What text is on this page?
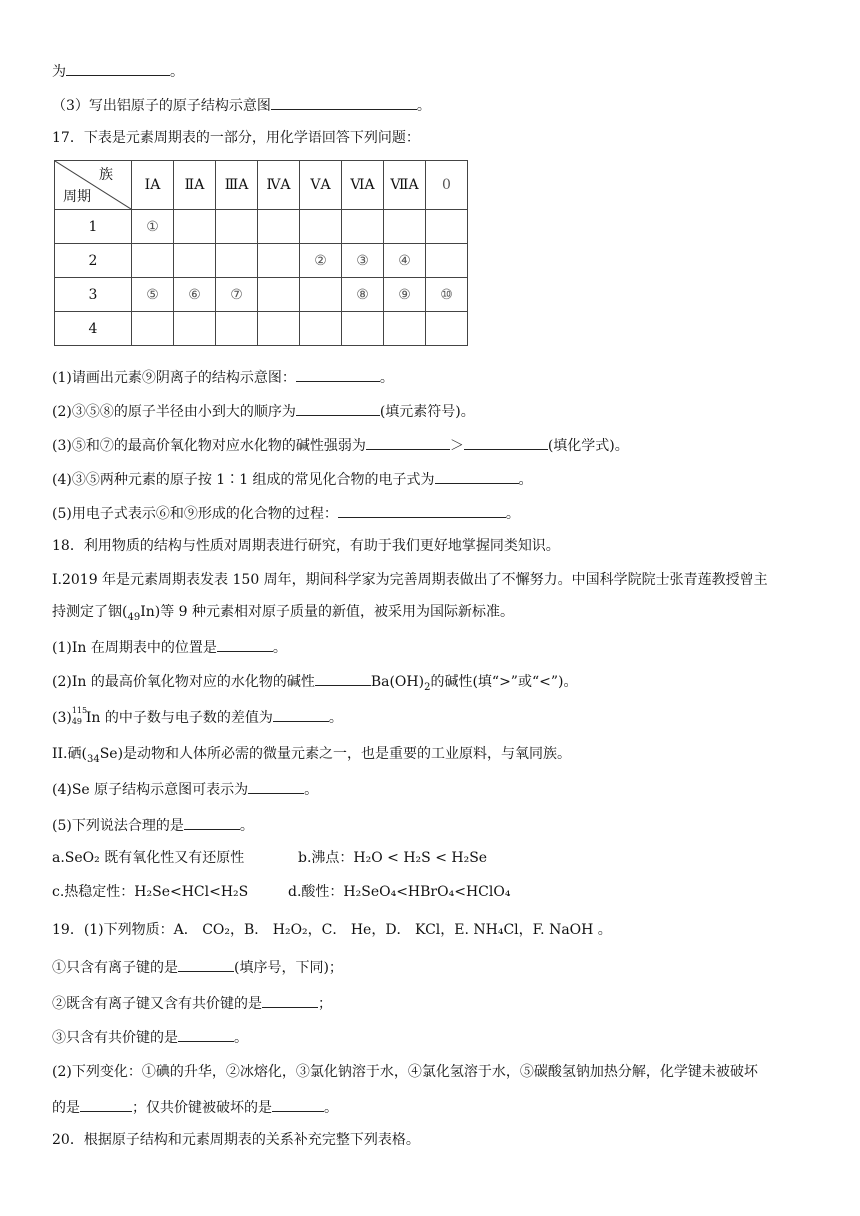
为	。
（3）写出铝原子的原子结构示意图	。
17．下表是元素周期表的一部分，用化学语回答下列问题：
族
周期	ⅠA	ⅡA	ⅢA	ⅣA	ⅤA	ⅥA	ⅦA	0
1	①							
2					②	③	④	
3	⑤	⑥	⑦			⑧	⑨	⑩
4								
(1)请画出元素⑨阴离子的结构示意图：	。
(2)③⑤⑧的原子半径由小到大的顺序为	(填元素符号)。
(3)⑤和⑦的最高价氧化物对应水化物的碱性强弱为	＞	(填化学式)。
(4)③⑤两种元素的原子按 1∶1 组成的常见化合物的电子式为	。
(5)用电子式表示⑥和⑨形成的化合物的过程：	。
18．利用物质的结构与性质对周期表进行研究，有助于我们更好地掌握同类知识。
I.2019 年是元素周期表发表 150 周年，期间科学家为完善周期表做出了不懈努力。中国科学院院士张青莲教授曾主
持测定了铟$(_{49}In)$等 9 种元素相对原子质量的新值，被采用为国际新标准。
(1)In 在周期表中的位置是	。
(2)In 的最高价氧化物对应的水化物的碱性	$Ba(OH)_2$的碱性(填“>”或“<”)。
(3) 115
49 In 的中子数与电子数的差值为	。
II.硒$(_{34}Se)$是动物和人体所必需的微量元素之一，也是重要的工业原料，与氧同族。
(4)Se 原子结构示意图可表示为	。
(5)下列说法合理的是	。
a.SeO₂ 既有氧化性又有还原性	b.沸点：H₂O < H₂S < H₂Se
c.热稳定性：H₂Se<HCl<H₂S	d.酸性：H₂SeO₄<HBrO₄<HClO₄
19．(1)下列物质：A． CO₂，B． H₂O₂，C． He，D． KCl，E. NH₄Cl，F. NaOH 。
①只含有离子键的是	(填序号，下同)；
②既含有离子键又含有共价键的是	；
③只含有共价键的是	。
(2)下列变化：①碘的升华，②冰熔化，③氯化钠溶于水，④氯化氢溶于水，⑤碳酸氢钠加热分解，化学键未被破坏
的是	；仅共价键被破坏的是	。
20．根据原子结构和元素周期表的关系补充完整下列表格。
